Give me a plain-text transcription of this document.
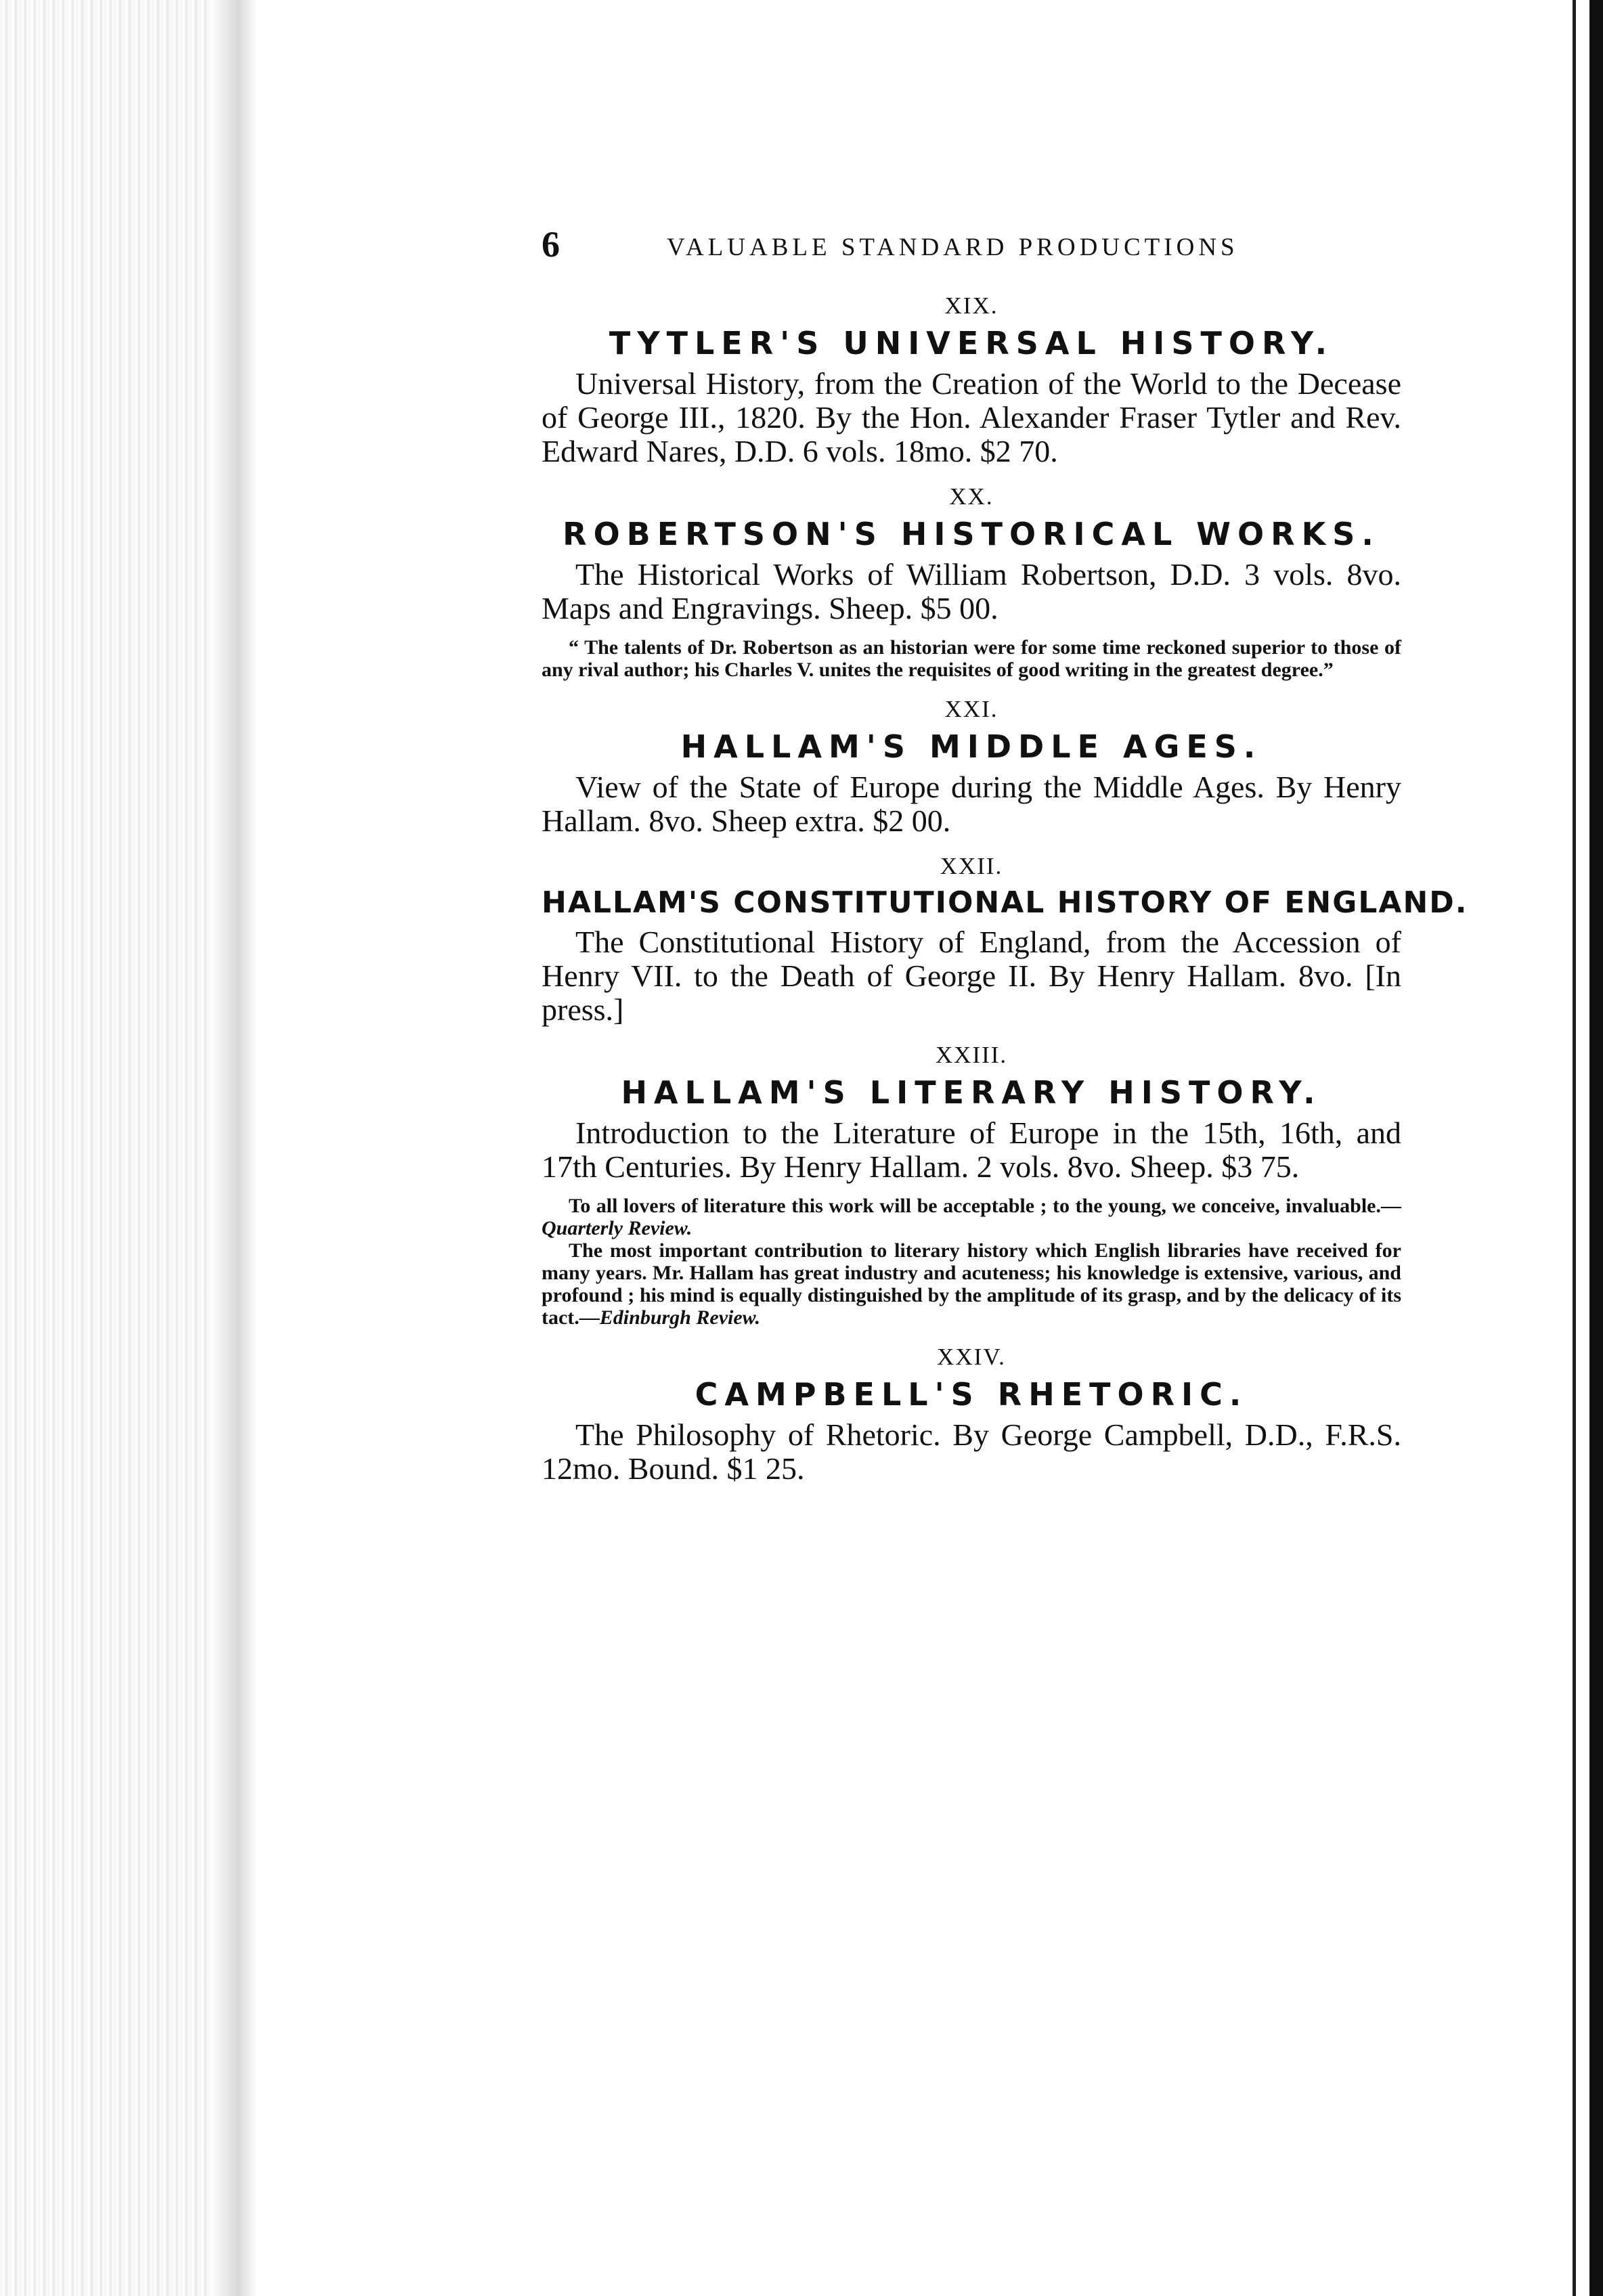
6	VALUABLE STANDARD PRODUCTIONS
XIX.
TYTLER'S UNIVERSAL HISTORY.

Universal History, from the Creation of the World to the Decease of George III., 1820. By the Hon. Alexander Fraser Tytler and Rev. Edward Nares, D.D. 6 vols. 18mo. $2 70.

XX.
ROBERTSON'S HISTORICAL WORKS.

The Historical Works of William Robertson, D.D. 3 vols. 8vo. Maps and Engravings. Sheep. $5 00.

“ The talents of Dr. Robertson as an historian were for some time reckoned superior to those of any rival author; his Charles V. unites the requisites of good writing in the greatest degree.”

XXI.
HALLAM'S MIDDLE AGES.

View of the State of Europe during the Middle Ages. By Henry Hallam. 8vo. Sheep extra. $2 00.

XXII.
HALLAM'S CONSTITUTIONAL HISTORY OF ENGLAND.

The Constitutional History of England, from the Accession of Henry VII. to the Death of George II. By Henry Hallam. 8vo. [In press.]

XXIII.
HALLAM'S LITERARY HISTORY.

Introduction to the Literature of Europe in the 15th, 16th, and 17th Centuries. By Henry Hallam. 2 vols. 8vo. Sheep. $3 75.

To all lovers of literature this work will be acceptable ; to the young, we conceive, invaluable.—Quarterly Review.

The most important contribution to literary history which English libraries have received for many years. Mr. Hallam has great industry and acuteness; his knowledge is extensive, various, and profound ; his mind is equally distinguished by the amplitude of its grasp, and by the delicacy of its tact.—Edinburgh Review.

XXIV.
CAMPBELL'S RHETORIC.

The Philosophy of Rhetoric. By George Campbell, D.D., F.R.S. 12mo. Bound. $1 25.
